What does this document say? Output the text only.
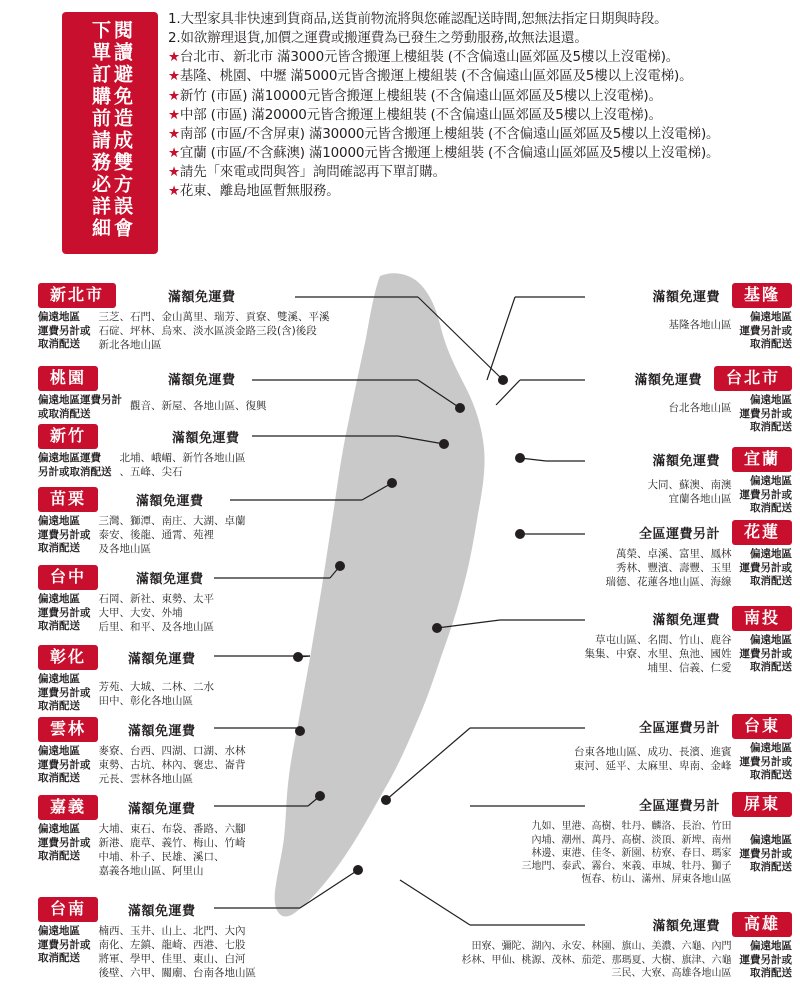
閱讀避免造成雙方誤會
下單訂購前請務必詳細
1.大型家具非快速到貨商品,送貨前物流將與您確認配送時間,恕無法指定日期與時段。
2.如欲辦理退貨,加價之運費或搬運費為已發生之勞動服務,故無法退還。
★台北市、新北市 滿3000元皆含搬運上樓組裝 (不含偏遠山區郊區及5樓以上沒電梯)。
★基隆、桃園、中壢 滿5000元皆含搬運上樓組裝 (不含偏遠山區郊區及5樓以上沒電梯)。
★新竹 (市區) 滿10000元皆含搬運上樓組裝 (不含偏遠山區郊區及5樓以上沒電梯)。
★中部 (市區) 滿20000元皆含搬運上樓組裝 (不含偏遠山區郊區及5樓以上沒電梯)。
★南部 (市區/不含屏東) 滿30000元皆含搬運上樓組裝 (不含偏遠山區郊區及5樓以上沒電梯)。
★宜蘭 (市區/不含蘇澳) 滿10000元皆含搬運上樓組裝 (不含偏遠山區郊區及5樓以上沒電梯)。
★請先「來電或問與答」詢問確認再下單訂購。
★花東、離島地區暫無服務。
新北市	滿額免運費
偏遠地區
運費另計或
取消配送
三芝、石門、金山萬里、瑞芳、貢寮、雙溪、平溪
石碇、坪林、烏來、淡水區淡金路三段(含)後段
新北各地山區
桃園	滿額免運費
偏遠地區運費另計
或取消配送
觀音、新屋、各地山區、復興
新竹	滿額免運費
偏遠地區運費
另計或取消配送
北埔、峨嵋、新竹各地山區
、五峰、尖石
苗栗	滿額免運費
偏遠地區
運費另計或
取消配送
三灣、獅潭、南庄、大湖、卓蘭
泰安、後龍、通霄、苑裡
及各地山區
台中	滿額免運費
偏遠地區
運費另計或
取消配送
石岡、新社、東勢、太平
大甲、大安、外埔
后里、和平、及各地山區
彰化	滿額免運費
偏遠地區
運費另計或
取消配送
芳苑、大城、二林、二水
田中、彰化各地山區
雲林	滿額免運費
偏遠地區
運費另計或
取消配送
麥寮、台西、四湖、口湖、水林
東勢、古坑、林內、褒忠、崙背
元長、雲林各地山區
嘉義	滿額免運費
偏遠地區
運費另計或
取消配送
大埔、東石、布袋、番路、六腳
新港、鹿草、義竹、梅山、竹崎
中埔、朴子、民雄、溪口、
嘉義各地山區、阿里山
台南	滿額免運費
偏遠地區
運費另計或
取消配送
楠西、玉井、山上、北門、大內
南化、左鎮、龍崎、西港、七股
將軍、學甲、佳里、東山、白河
後壁、六甲、關廟、台南各地山區
滿額免運費	基隆
基隆各地山區
偏遠地區
運費另計或
取消配送
滿額免運費	台北市
台北各地山區
偏遠地區
運費另計或
取消配送
滿額免運費	宜蘭
大同、蘇澳、南澳
宜蘭各地山區
偏遠地區
運費另計或
取消配送
全區運費另計	花蓮
萬榮、卓溪、富里、鳳林
秀林、豐濱、壽豐、玉里
瑞德、花蓮各地山區、海線
偏遠地區
運費另計或
取消配送
滿額免運費	南投
草屯山區、名間、竹山、鹿谷
集集、中寮、水里、魚池、國姓
埔里、信義、仁愛
偏遠地區
運費另計或
取消配送
全區運費另計	台東
台東各地山區、成功、長濱、進賓
東河、延平、太麻里、卑南、金峰
偏遠地區
運費另計或
取消配送
全區運費另計	屏東
九如、里港、高樹、牡丹、麟洛、長治、竹田
內埔、潮州、萬丹、高樹、淡頂、新埤、南州
林邊、東港、佳冬、新園、枋寮、春日、瑪家
三地門、泰武、霧台、來義、車城、牡丹、獅子
恆春、枋山、滿州、屏東各地山區
偏遠地區
運費另計或
取消配送
滿額免運費	高雄
田寮、彌陀、湖內、永安、林園、旗山、美濃、六龜、內門
杉林、甲仙、桃源、茂林、茄萣、那瑪夏、大樹、旗津、六龜
三民、大寮、高雄各地山區
偏遠地區
運費另計或
取消配送
